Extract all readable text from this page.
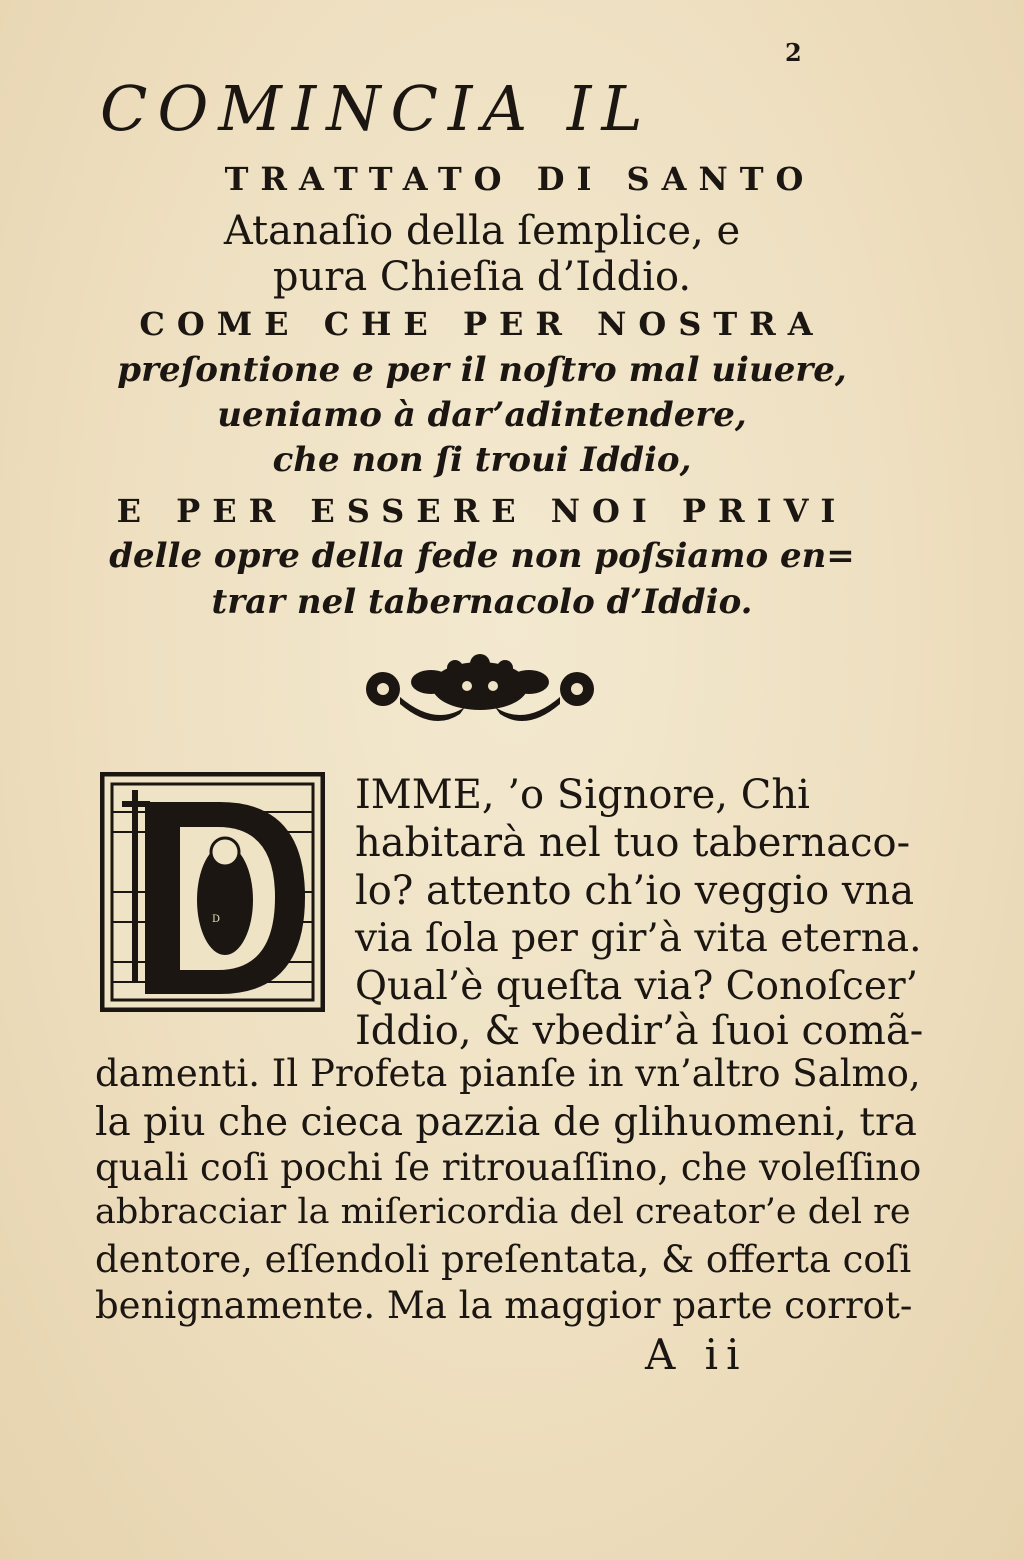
2
COMINCIA IL
TRATTATO DI SANTO
Atanaſio della ſemplice, e
pura Chieſia d’Iddio.
COME CHE PER NOSTRA
preſontione e per il noſtro mal uiuere,
ueniamo à dar’adintendere,
che non ſi troui Iddio,
E PER ESSERE NOI PRIVI
delle opre della fede non poſsiamo en=
trar nel tabernacolo d’Iddio.
D
IMME, ’o Signore, Chi
habitarà nel tuo tabernaco-
lo? attento ch’io veggio vna
via ſola per gir’à vita eterna.
Qual’è queſta via? Conoſcer’
Iddio, & vbedir’à ſuoi comã-
damenti. Il Profeta pianſe in vn’altro Salmo,
la piu che cieca pazzia de glihuomeni, tra
quali coſi pochi ſe ritrouaſſino, che voleſſino
abbracciar la miſericordia del creator’e del re
dentore, eſſendoli preſentata, & offerta coſi
benignamente. Ma la maggior parte corrot-
A ii
